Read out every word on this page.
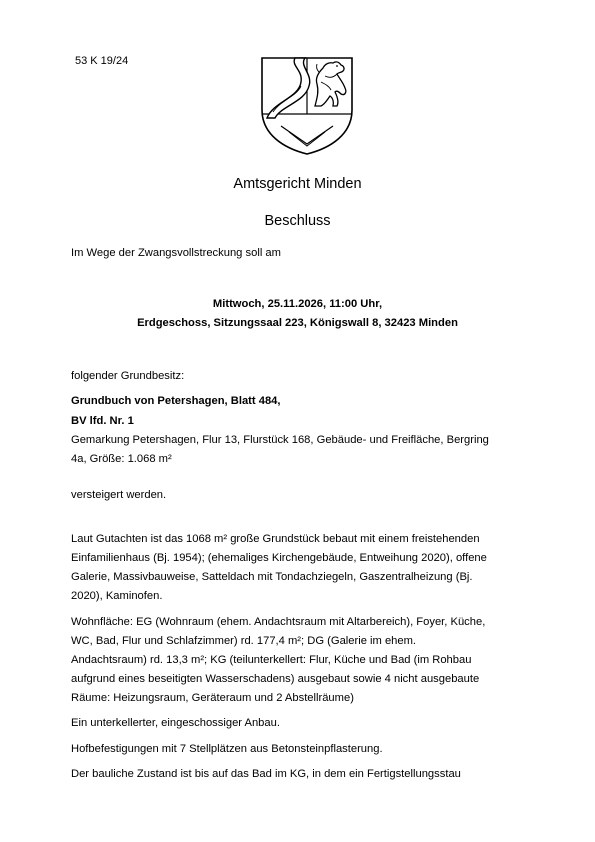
53 K 19/24
Amtsgericht Minden
Beschluss

Im Wege der Zwangsvollstreckung soll am

Mittwoch, 25.11.2026, 11:00 Uhr,
Erdgeschoss, Sitzungssaal 223, Königswall 8, 32423 Minden

folgender Grundbesitz:

Grundbuch von Petershagen, Blatt 484,

BV lfd. Nr. 1

Gemarkung Petershagen, Flur 13, Flurstück 168, Gebäude- und Freifläche, Bergring

4a, Größe: 1.068 m²

versteigert werden.

Laut Gutachten ist das 1068 m² große Grundstück bebaut mit einem freistehenden

Einfamilienhaus (Bj. 1954); (ehemaliges Kirchengebäude, Entweihung 2020), offene

Galerie, Massivbauweise, Satteldach mit Tondachziegeln, Gaszentralheizung (Bj.

2020), Kaminofen.

Wohnfläche: EG (Wohnraum (ehem. Andachtsraum mit Altarbereich), Foyer, Küche,

WC, Bad, Flur und Schlafzimmer) rd. 177,4 m²; DG (Galerie im ehem.

Andachtsraum) rd. 13,3 m²; KG (teilunterkellert: Flur, Küche und Bad (im Rohbau

aufgrund eines beseitigten Wasserschadens) ausgebaut sowie 4 nicht ausgebaute

Räume: Heizungsraum, Geräteraum und 2 Abstellräume)

Ein unterkellerter, eingeschossiger Anbau.

Hofbefestigungen mit 7 Stellplätzen aus Betonsteinpflasterung.

Der bauliche Zustand ist bis auf das Bad im KG, in dem ein Fertigstellungsstau
